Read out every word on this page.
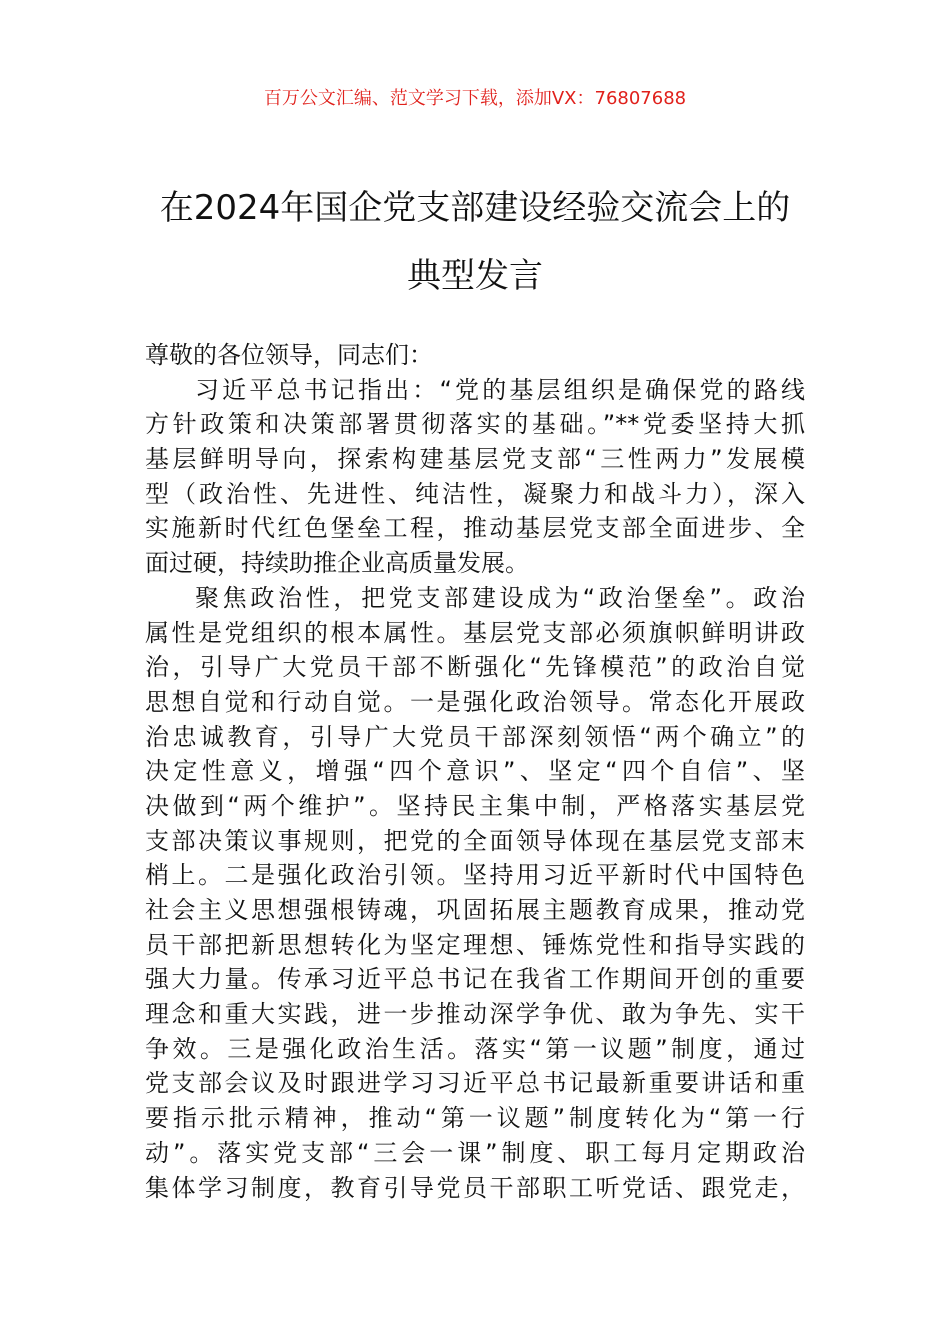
百万公文汇编、范文学习下载，添加VX：76807688
在2024年国企党支部建设经验交流会上的
典型发言
尊敬的各位领导，同志们：
习近平总书记指出：“党的基层组织是确保党的路线
方针政策和决策部署贯彻落实的基础。”**党委坚持大抓
基层鲜明导向，探索构建基层党支部“三性两力”发展模
型（政治性、先进性、纯洁性，凝聚力和战斗力），深入
实施新时代红色堡垒工程，推动基层党支部全面进步、全
面过硬，持续助推企业高质量发展。
聚焦政治性，把党支部建设成为“政治堡垒”。政治
属性是党组织的根本属性。基层党支部必须旗帜鲜明讲政
治，引导广大党员干部不断强化“先锋模范”的政治自觉
思想自觉和行动自觉。一是强化政治领导。常态化开展政
治忠诚教育，引导广大党员干部深刻领悟“两个确立”的
决定性意义，增强“四个意识”、坚定“四个自信”、坚
决做到“两个维护”。坚持民主集中制，严格落实基层党
支部决策议事规则，把党的全面领导体现在基层党支部末
梢上。二是强化政治引领。坚持用习近平新时代中国特色
社会主义思想强根铸魂，巩固拓展主题教育成果，推动党
员干部把新思想转化为坚定理想、锤炼党性和指导实践的
强大力量。传承习近平总书记在我省工作期间开创的重要
理念和重大实践，进一步推动深学争优、敢为争先、实干
争效。三是强化政治生活。落实“第一议题”制度，通过
党支部会议及时跟进学习习近平总书记最新重要讲话和重
要指示批示精神，推动“第一议题”制度转化为“第一行
动”。落实党支部“三会一课”制度、职工每月定期政治
集体学习制度，教育引导党员干部职工听党话、跟党走，
